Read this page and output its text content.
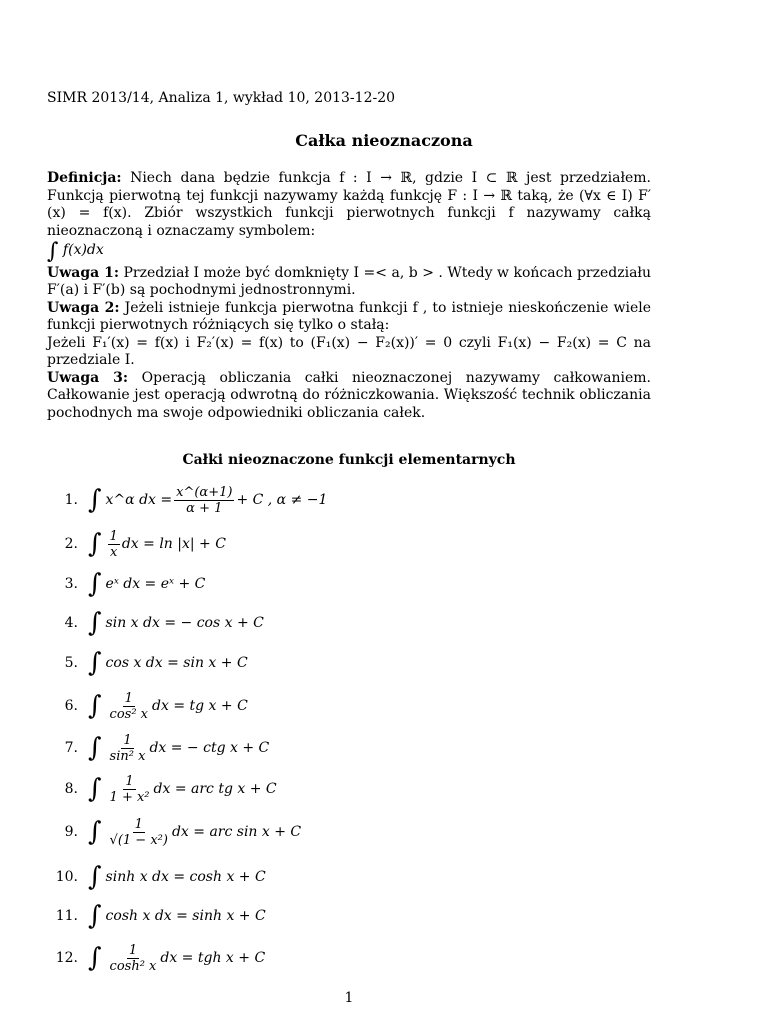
SIMR 2013/14, Analiza 1, wykład 10, 2013-12-20
Całka nieoznaczona

Definicja: Niech dana będzie funkcja f : I → ℝ, gdzie I ⊂ ℝ jest przedziałem. Funkcją pierwotną tej funkcji nazywamy każdą funkcję F : I → ℝ taką, że (∀x ∈ I) F′(x) = f(x). Zbiór wszystkich funkcji pierwotnych funkcji f nazywamy całką nieoznaczoną i oznaczamy symbolem:

∫ f(x)dx

Uwaga 1: Przedział I może być domknięty I =< a, b > . Wtedy w końcach przedziału F′(a) i F′(b) są pochodnymi jednostronnymi.

Uwaga 2: Jeżeli istnieje funkcja pierwotna funkcji f , to istnieje nieskończenie wiele funkcji pierwotnych różniących się tylko o stałą:

Jeżeli F₁′(x) = f(x) i F₂′(x) = f(x) to (F₁(x) − F₂(x))′ = 0 czyli F₁(x) − F₂(x) = C na przedziale I.

Uwaga 3: Operacją obliczania całki nieoznaczonej nazywamy całkowaniem. Całkowanie jest operacją odwrotną do różniczkowania. Większość technik obliczania pochodnych ma swoje odpowiedniki obliczania całek.

Całki nieoznaczone funkcji elementarnych
1. ∫ x^α dx = $\frac{x\^{}(\alpha+1)}{\alpha + 1} + C$ , α ≠ −1
2. ∫ $\frac{1}{x}$ dx = ln |x| + C
3. ∫ eˣ dx = eˣ + C
4. ∫ sin x dx = − cos x + C
5. ∫ cos x dx = sin x + C
6. ∫ $\frac{1}{\text{cos² x}}$ dx = tg x + C
7. ∫ $\frac{1}{\text{sin² x}}$ dx = − ctg x + C
8. ∫ $\frac{1}{\text{1 + x²}}$ dx = arc tg x + C
9. ∫ $\frac{1}{\text{√(1 − x²)}}$ dx = arc sin x + C
10. ∫ sinh x dx = cosh x + C
11. ∫ cosh x dx = sinh x + C
12. ∫ $\frac{1}{\text{cosh² x}}$ dx = tgh x + C
1
